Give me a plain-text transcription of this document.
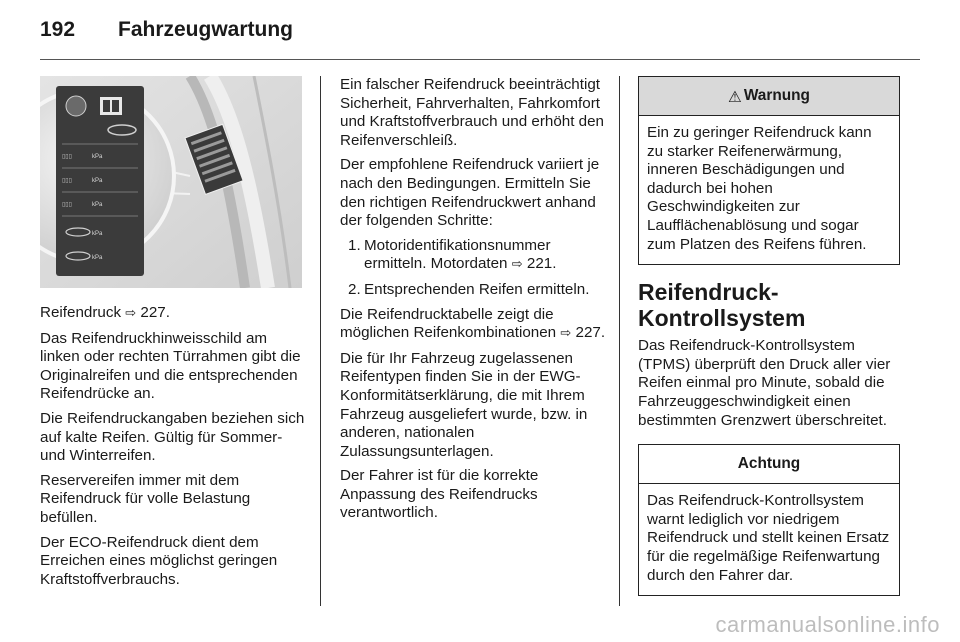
192 Fahrzeugwartung
▯▯▯	kPa
▯▯▯	kPa
▯▯▯	kPa
kPa
kPa

Reifendruck ⇨ 227.

Das Reifendruckhinweisschild am linken oder rechten Türrahmen gibt die Originalreifen und die entsprechenden Reifendrücke an.

Die Reifendruckangaben beziehen sich auf kalte Reifen. Gültig für Sommer- und Winterreifen.

Reservereifen immer mit dem Reifendruck für volle Belastung befüllen.

Der ECO-Reifendruck dient dem Erreichen eines möglichst geringen Kraftstoffverbrauchs.

Ein falscher Reifendruck beeinträchtigt Sicherheit, Fahrverhalten, Fahrkomfort und Kraftstoffverbrauch und erhöht den Reifenverschleiß.

Der empfohlene Reifendruck variiert je nach den Bedingungen. Ermitteln Sie den richtigen Reifendruckwert anhand der folgenden Schritte:

1. Motoridentifikationsnummer ermitteln. Motordaten ⇨ 221.
2. Entsprechenden Reifen ermitteln.

Die Reifendrucktabelle zeigt die möglichen Reifenkombinationen ⇨ 227.

Die für Ihr Fahrzeug zugelassenen Reifentypen finden Sie in der EWG-Konformitätserklärung, die mit Ihrem Fahrzeug ausgeliefert wurde, bzw. in anderen, nationalen Zulassungsunterlagen.

Der Fahrer ist für die korrekte Anpassung des Reifendrucks verantwortlich.

⚠ Warnung

Ein zu geringer Reifendruck kann zu starker Reifenerwärmung, inneren Beschädigungen und dadurch bei hohen Geschwindigkeiten zur Laufflächenablösung und sogar zum Platzen des Reifens führen.

Reifendruck-Kontrollsystem

Das Reifendruck-Kontrollsystem (TPMS) überprüft den Druck aller vier Reifen einmal pro Minute, sobald die Fahrzeuggeschwindigkeit einen bestimmten Grenzwert überschreitet.

Achtung

Das Reifendruck-Kontrollsystem warnt lediglich vor niedrigem Reifendruck und stellt keinen Ersatz für die regelmäßige Reifenwartung durch den Fahrer dar.

carmanualsonline.info
